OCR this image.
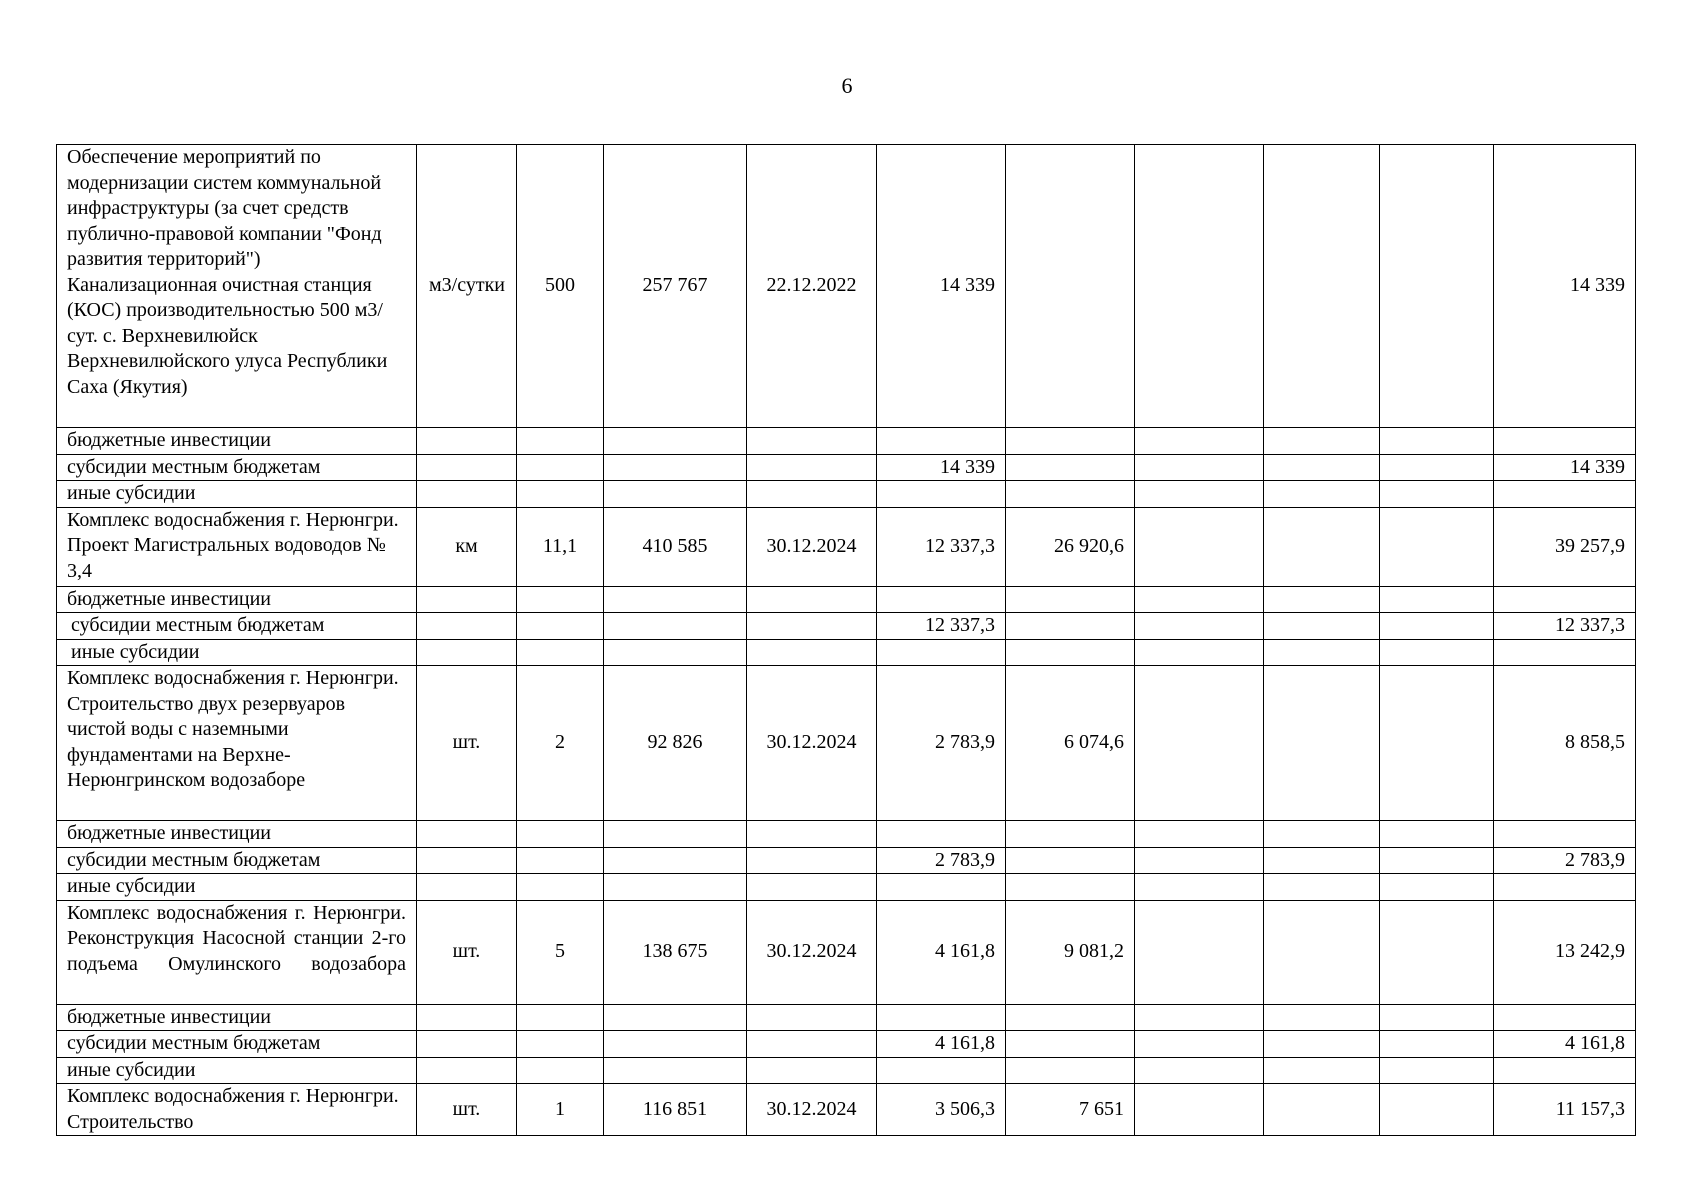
6
Обеспечение мероприятий по модернизации систем коммунальной инфраструктуры (за счет средств публично-правовой компании "Фонд развития территорий") Канализационная очистная станция (КОС) производительностью 500 м3/сут. с. Верхневилюйск Верхневилюйского улуса Республики Саха (Якутия)	м3/сутки	500	257 767	22.12.2022	14 339					14 339
бюджетные инвестиции										
субсидии местным бюджетам					14 339					14 339
иные субсидии										
Комплекс водоснабжения г. Нерюнгри. Проект Магистральных водоводов № 3,4	км	11,1	410 585	30.12.2024	12 337,3	26 920,6				39 257,9
бюджетные инвестиции										
субсидии местным бюджетам					12 337,3					12 337,3
иные субсидии										
Комплекс водоснабжения г. Нерюнгри. Строительство двух резервуаров чистой воды с наземными фундаментами на Верхне-Нерюнгринском водозаборе	шт.	2	92 826	30.12.2024	2 783,9	6 074,6				8 858,5
бюджетные инвестиции										
субсидии местным бюджетам					2 783,9					2 783,9
иные субсидии										
Комплекс водоснабжения г. Нерюнгри. Реконструкция Насосной станции 2-го подъема Омулинского водозабора	шт.	5	138 675	30.12.2024	4 161,8	9 081,2				13 242,9
бюджетные инвестиции										
субсидии местным бюджетам					4 161,8					4 161,8
иные субсидии										
Комплекс водоснабжения г. Нерюнгри. Строительство	шт.	1	116 851	30.12.2024	3 506,3	7 651				11 157,3
